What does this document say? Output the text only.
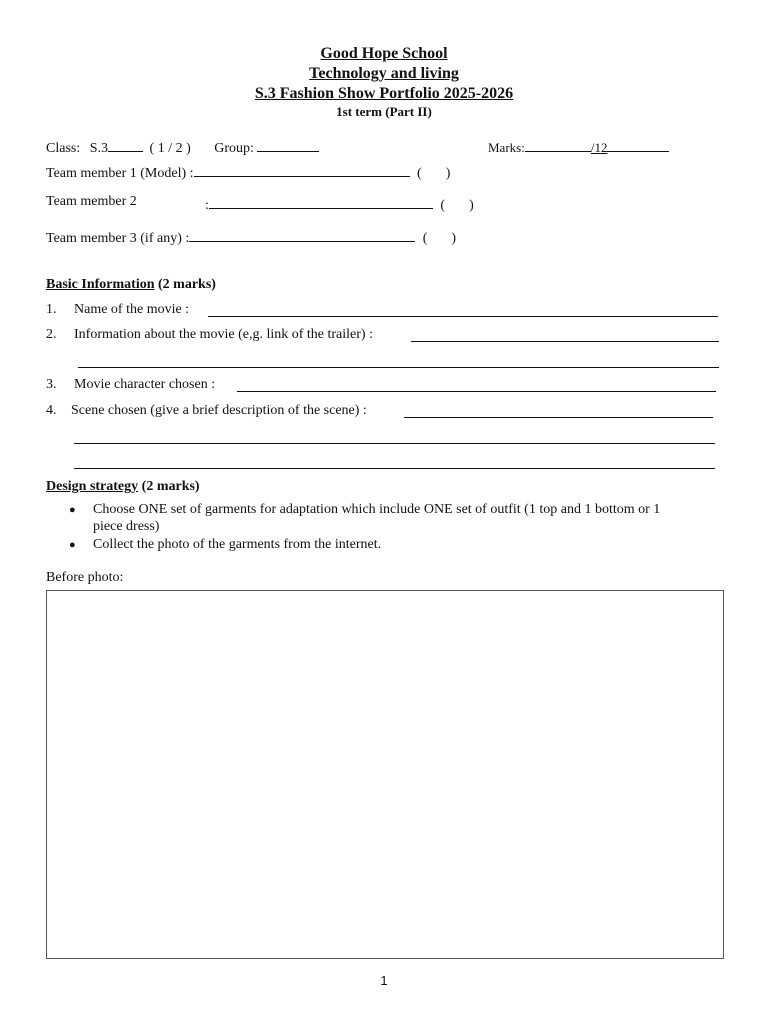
Good Hope School
Technology and living
S.3 Fashion Show Portfolio 2025-2026
1st term (Part II)
Class: S.3	( 1 / 2 ) Group:	Marks:	/12
Team member 1 (Model) :	( )
Team member 2	:	( )
Team member 3 (if any) :	( )
Basic Information (2 marks)
1. Name of the movie :
2. Information about the movie (e,g. link of the trailer) :
3. Movie character chosen :
4. Scene chosen (give a brief description of the scene) :
Design strategy (2 marks)
● Choose ONE set of garments for adaptation which include ONE set of outfit (1 top and 1 bottom or 1
piece dress)
● Collect the photo of the garments from the internet.
Before photo:
1
